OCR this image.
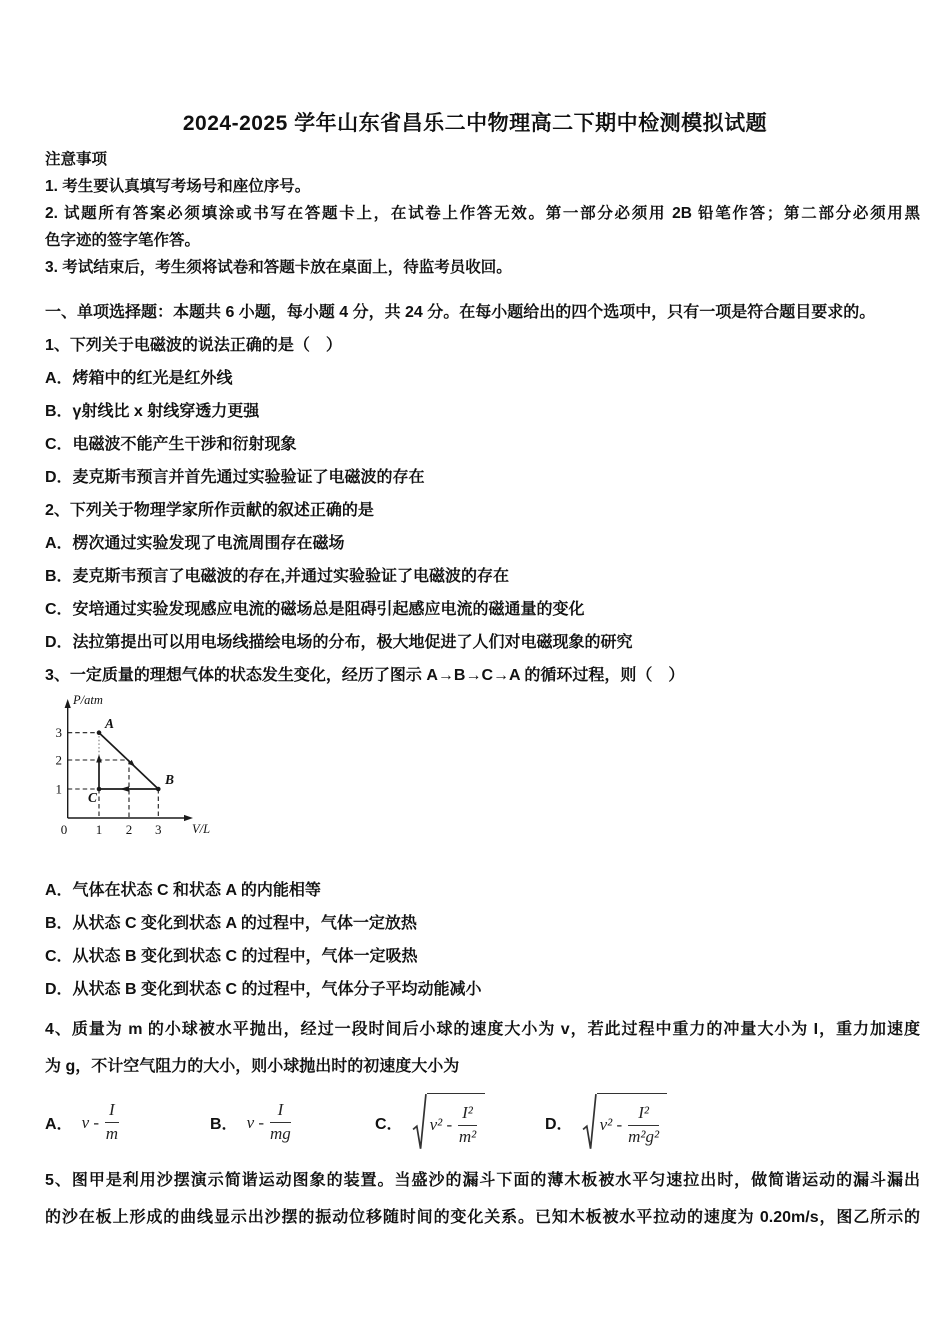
2024-2025 学年山东省昌乐二中物理高二下期中检测模拟试题
注意事项
1. 考生要认真填写考场号和座位序号。
2. 试题所有答案必须填涂或书写在答题卡上，在试卷上作答无效。第一部分必须用 2B 铅笔作答；第二部分必须用黑
色字迹的签字笔作答。
3. 考试结束后，考生须将试卷和答题卡放在桌面上，待监考员收回。
一、单项选择题：本题共 6 小题，每小题 4 分，共 24 分。在每小题给出的四个选项中，只有一项是符合题目要求的。
1、下列关于电磁波的说法正确的是（　）
A．烤箱中的红光是红外线
B．γ射线比 x 射线穿透力更强
C．电磁波不能产生干涉和衍射现象
D．麦克斯韦预言并首先通过实验验证了电磁波的存在
2、下列关于物理学家所作贡献的叙述正确的是
A．楞次通过实验发现了电流周围存在磁场
B．麦克斯韦预言了电磁波的存在,并通过实验验证了电磁波的存在
C．安培通过实验发现感应电流的磁场总是阻碍引起感应电流的磁通量的变化
D．法拉第提出可以用电场线描绘电场的分布，极大地促进了人们对电磁现象的研究
3、一定质量的理想气体的状态发生变化，经历了图示 A→B→C→A 的循环过程，则（　）
P/atm
V/L
3
2
1
0 1 2 3
A
B
C
A．气体在状态 C 和状态 A 的内能相等
B．从状态 C 变化到状态 A 的过程中，气体一定放热
C．从状态 B 变化到状态 C 的过程中，气体一定吸热
D．从状态 B 变化到状态 C 的过程中，气体分子平均动能减小
4、质量为 m 的小球被水平抛出，经过一段时间后小球的速度大小为 v，若此过程中重力的冲量大小为 I，重力加速度
为 g，不计空气阻力的大小，则小球抛出时的初速度大小为
A． v - $\frac{I}{m}$	B． v - $\frac{I}{mg}$	C． $v^2 - \frac{\text{I²}}{\text{m²}}$	D． $v^2 - \frac{\text{I²}}{\text{m²g²}}$
5、图甲是利用沙摆演示简谐运动图象的装置。当盛沙的漏斗下面的薄木板被水平匀速拉出时，做简谐运动的漏斗漏出
的沙在板上形成的曲线显示出沙摆的振动位移随时间的变化关系。已知木板被水平拉动的速度为 0.20m/s，图乙所示的
